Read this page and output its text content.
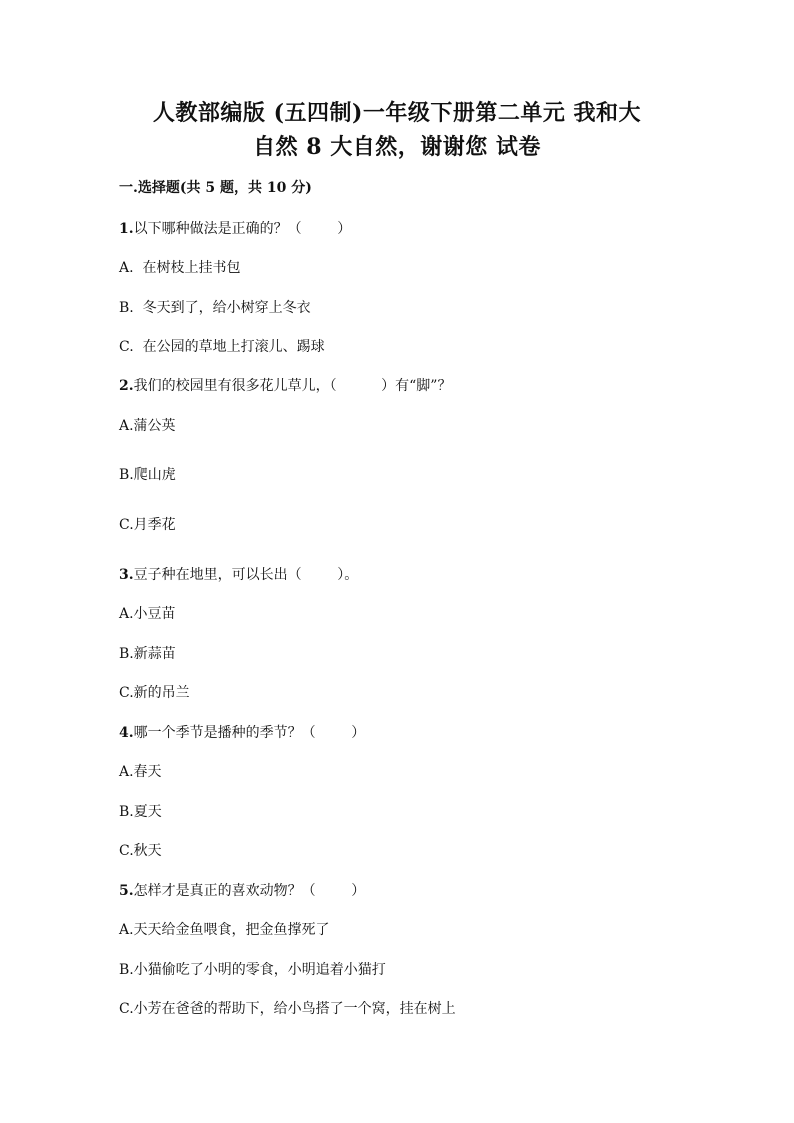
人教部编版 (五四制)一年级下册第二单元 我和大
自然 8 大自然，谢谢您 试卷
一.选择题(共 5 题，共 10 分)
1.以下哪种做法是正确的？（        ）
A.  在树枝上挂书包
B.  冬天到了，给小树穿上冬衣
C.  在公园的草地上打滚儿、踢球
2.我们的校园里有很多花儿草儿，（          ）有“脚”？
A.蒲公英
B.爬山虎
C.月季花
3.豆子种在地里，可以长出（        ）。
A.小豆苗
B.新蒜苗
C.新的吊兰
4.哪一个季节是播种的季节？（        ）
A.春天
B.夏天
C.秋天
5.怎样才是真正的喜欢动物？（        ）
A.天天给金鱼喂食，把金鱼撑死了
B.小猫偷吃了小明的零食，小明追着小猫打
C.小芳在爸爸的帮助下，给小鸟搭了一个窝，挂在树上
